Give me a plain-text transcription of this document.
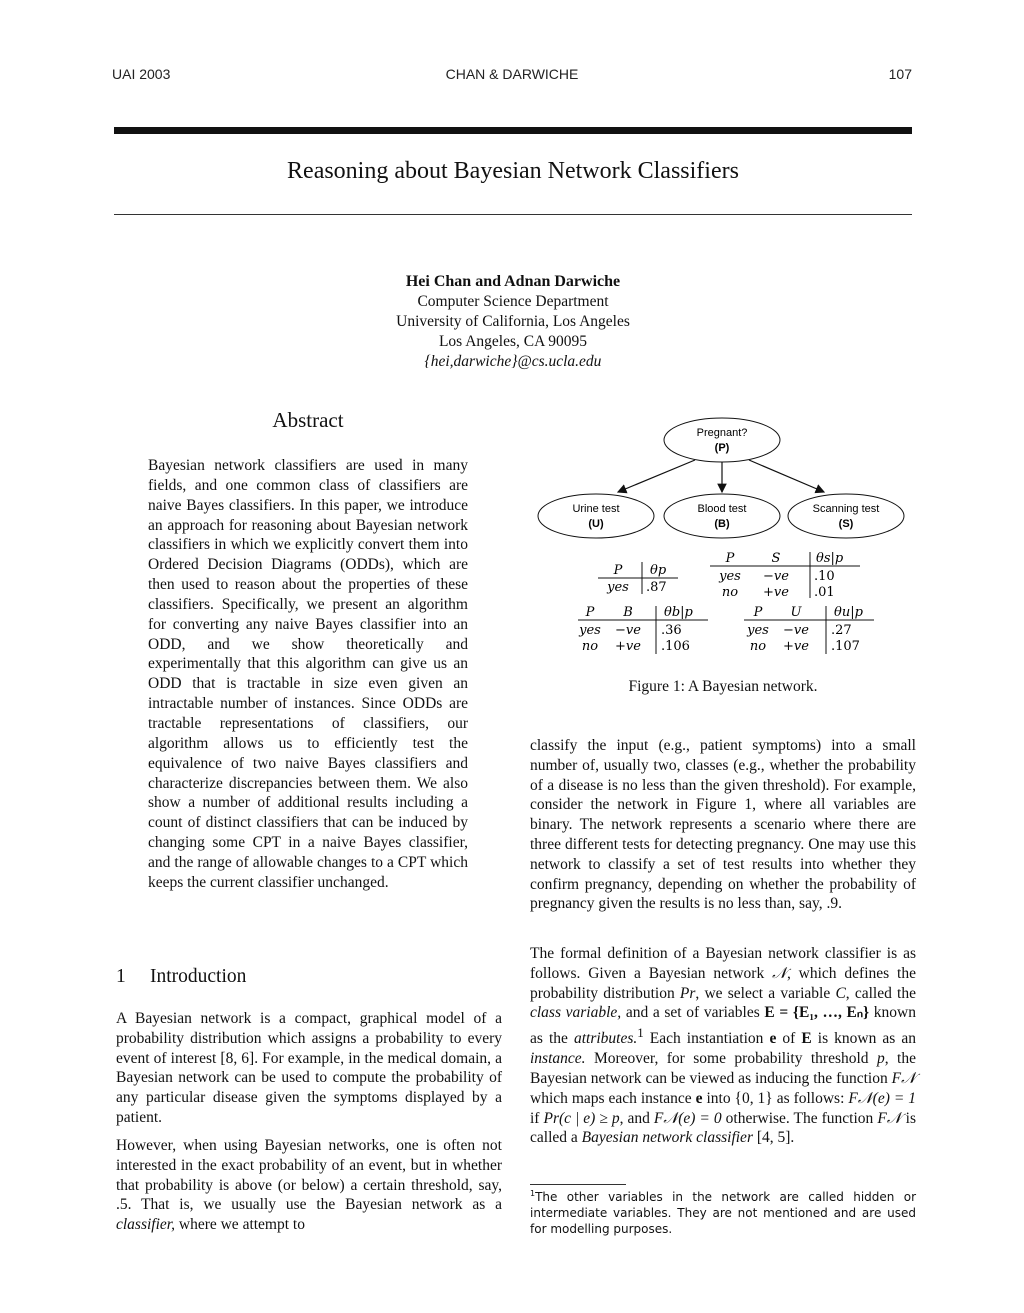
UAI 2003	CHAN & DARWICHE	107
Reasoning about Bayesian Network Classifiers
Hei Chan and Adnan Darwiche
Computer Science Department
University of California, Los Angeles
Los Angeles, CA 90095
{hei,darwiche}@cs.ucla.edu
Abstract
Bayesian network classifiers are used in many fields, and one common class of classifiers are naive Bayes classifiers. In this paper, we introduce an approach for reasoning about Bayesian network classifiers in which we explicitly convert them into Ordered Decision Diagrams (ODDs), which are then used to reason about the properties of these classifiers. Specifically, we present an algorithm for converting any naive Bayes classifier into an ODD, and we show theoretically and experimentally that this algorithm can give us an ODD that is tractable in size even given an intractable number of instances. Since ODDs are tractable representations of classifiers, our algorithm allows us to efficiently test the equivalence of two naive Bayes classifiers and characterize discrepancies between them. We also show a number of additional results including a count of distinct classifiers that can be induced by changing some CPT in a naive Bayes classifier, and the range of allowable changes to a CPT which keeps the current classifier unchanged.
1 Introduction
A Bayesian network is a compact, graphical model of a probability distribution which assigns a probability to every event of interest [8, 6]. For example, in the medical domain, a Bayesian network can be used to compute the probability of any particular disease given the symptoms displayed by a patient.
However, when using Bayesian networks, one is often not interested in the exact probability of an event, but in whether that probability is above (or below) a certain threshold, say, .5. That is, we usually use the Bayesian network as a classifier, where we attempt to
Pregnant?
(P)
Urine test
(U)
Blood test
(B)
Scanning test
(S)
P θp
yes .87
P	S	θs|p
yes −ve .10
no +ve .01
P B θb|p
yes −ve .36
no +ve .106
P U	θu|p
yes −ve .27
no +ve .107
Figure 1: A Bayesian network.
classify the input (e.g., patient symptoms) into a small number of, usually two, classes (e.g., whether the probability of a disease is no less than the given threshold). For example, consider the network in Figure 1, where all variables are binary. The network represents a scenario where there are three different tests for detecting pregnancy. One may use this network to classify a set of test results into whether they confirm pregnancy, depending on whether the probability of pregnancy given the results is no less than, say, .9.
The formal definition of a Bayesian network classifier is as follows. Given a Bayesian network 𝒩, which defines the probability distribution Pr, we select a variable C, called the class variable, and a set of variables E = {E₁, …, Eₙ} known as the attributes.$^1$ Each instantiation e of E is known as an instance. Moreover, for some probability threshold p, the Bayesian network can be viewed as inducing the function F𝒩 which maps each instance e into {0, 1} as follows: F𝒩(e) = 1 if Pr(c | e) ≥ p, and F𝒩(e) = 0 otherwise. The function F𝒩 is called a Bayesian network classifier [4, 5].
$^1$The other variables in the network are called hidden or intermediate variables. They are not mentioned and are used for modelling purposes.
